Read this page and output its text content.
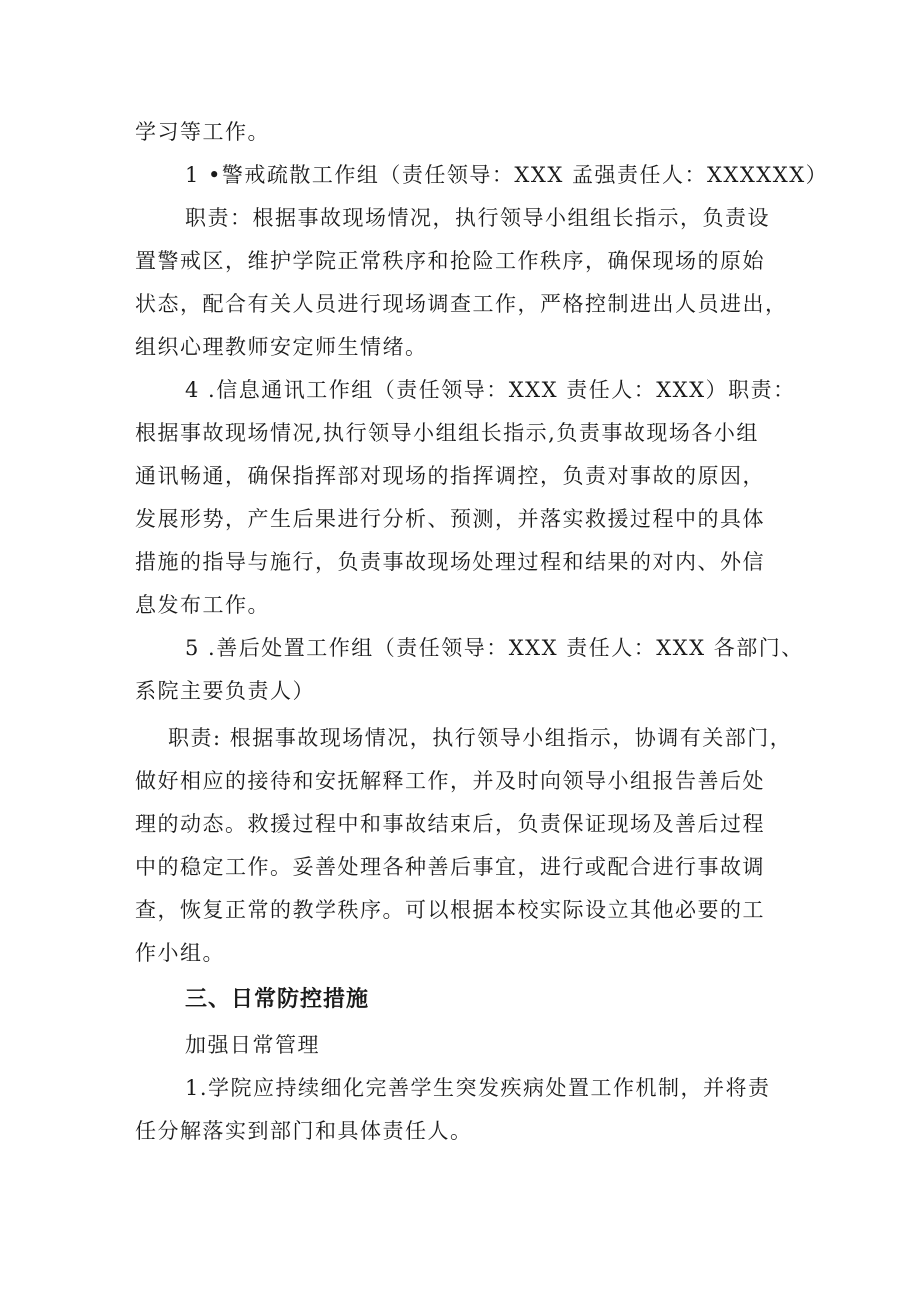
学习等工作。
1 •警戒疏散工作组（责任领导：XXX 孟强责任人：XXXXXX）
职责：根据事故现场情况，执行领导小组组长指示，负责设
置警戒区，维护学院正常秩序和抢险工作秩序，确保现场的原始
状态，配合有关人员进行现场调查工作，严格控制进出人员进出，
组织心理教师安定师生情绪。
4 .信息通讯工作组（责任领导：XXX 责任人：XXX）职责：
根据事故现场情况,执行领导小组组长指示,负责事故现场各小组
通讯畅通，确保指挥部对现场的指挥调控，负责对事故的原因，
发展形势，产生后果进行分析、预测，并落实救援过程中的具体
措施的指导与施行，负责事故现场处理过程和结果的对内、外信
息发布工作。
5 .善后处置工作组（责任领导：XXX 责任人：XXX 各部门、
系院主要负责人）
职责: 根据事故现场情况，执行领导小组指示，协调有关部门，
做好相应的接待和安抚解释工作，并及时向领导小组报告善后处
理的动态。救援过程中和事故结束后，负责保证现场及善后过程
中的稳定工作。妥善处理各种善后事宜，进行或配合进行事故调
查，恢复正常的教学秩序。可以根据本校实际设立其他必要的工
作小组。
三、日常防控措施
加强日常管理
1.学院应持续细化完善学生突发疾病处置工作机制，并将责
任分解落实到部门和具体责任人。
